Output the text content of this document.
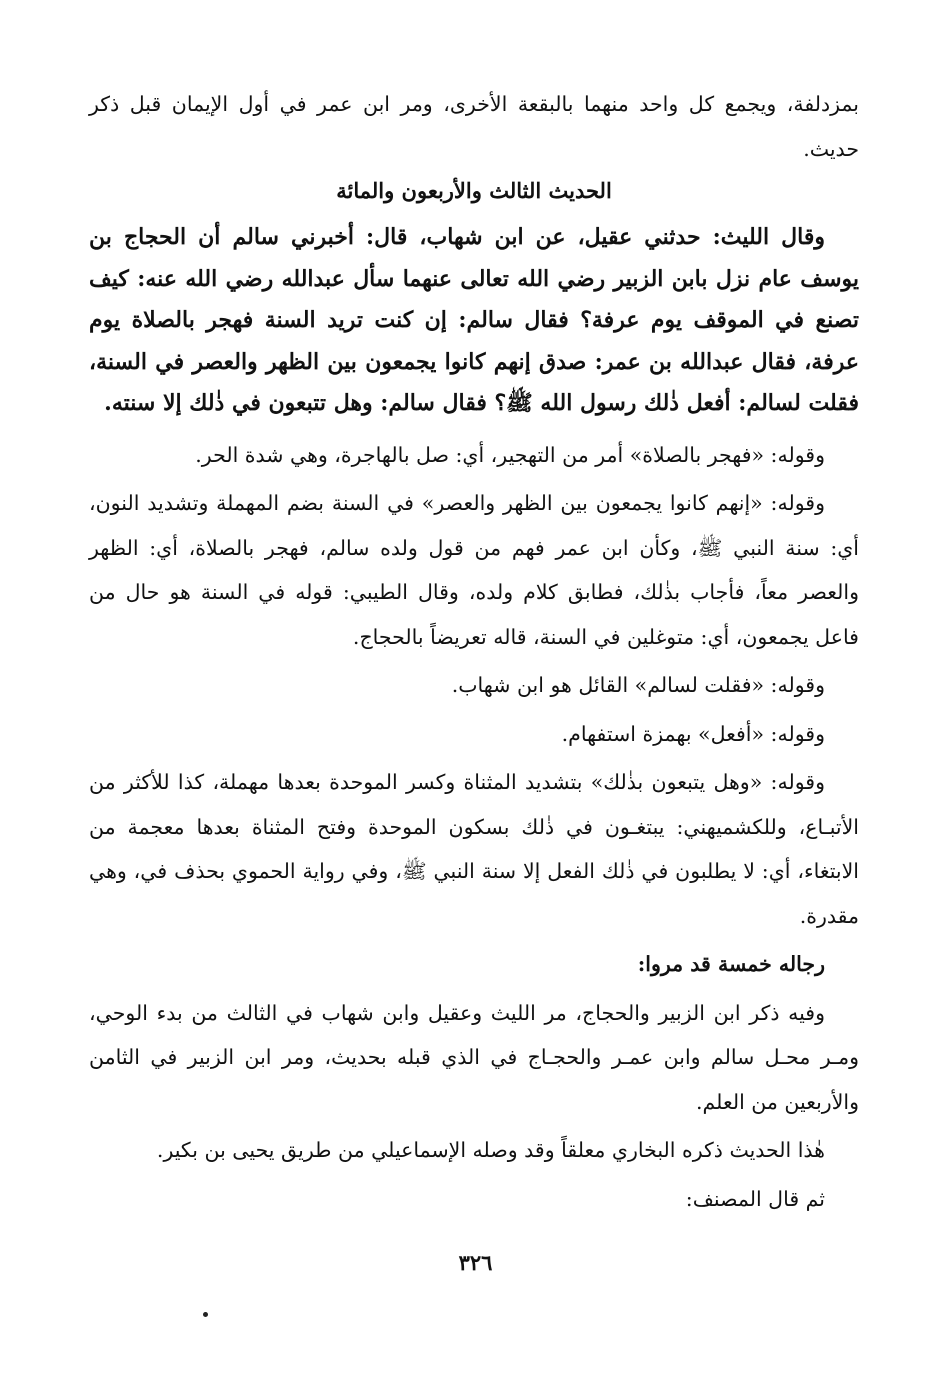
بمزدلفة، ويجمع كل واحد منهما بالبقعة الأخرى، ومر ابن عمر في أول الإيمان قبل ذكر حديث.

الحديث الثالث والأربعون والمائة

وقال الليث: حدثني عقيل، عن ابن شهاب، قال: أخبرني سالم أن الحجاج بن يوسف عام نزل بابن الزبير رضي الله تعالى عنهما سأل عبدالله رضي الله عنه: كيف تصنع في الموقف يوم عرفة؟ فقال سالم: إن كنت تريد السنة فهجر بالصلاة يوم عرفة، فقال عبدالله بن عمر: صدق إنهم كانوا يجمعون بين الظهر والعصر في السنة، فقلت لسالم: أفعل ذٰلك رسول الله ﷺ؟ فقال سالم: وهل تتبعون في ذٰلك إلا سنته.

وقوله: «فهجر بالصلاة» أمر من التهجير، أي: صل بالهاجرة، وهي شدة الحر.

وقوله: «إنهم كانوا يجمعون بين الظهر والعصر» في السنة بضم المهملة وتشديد النون، أي: سنة النبي ﷺ، وكأن ابن عمر فهم من قول ولده سالم، فهجر بالصلاة، أي: الظهر والعصر معاً، فأجاب بذٰلك، فطابق كلام ولده، وقال الطيبي: قوله في السنة هو حال من فاعل يجمعون، أي: متوغلين في السنة، قاله تعريضاً بالحجاج.

وقوله: «فقلت لسالم» القائل هو ابن شهاب.

وقوله: «أفعل» بهمزة استفهام.

وقوله: «وهل يتبعون بذٰلك» بتشديد المثناة وكسر الموحدة بعدها مهملة، كذا للأكثر من الأتبـاع، وللكشميهني: يبتغـون في ذٰلك بسكون الموحدة وفتح المثناة بعدها معجمة من الابتغاء، أي: لا يطلبون في ذٰلك الفعل إلا سنة النبي ﷺ، وفي رواية الحموي بحذف في، وهي مقدرة.

رجاله خمسة قد مروا:

وفيه ذكر ابن الزبير والحجاج، مر الليث وعقيل وابن شهاب في الثالث من بدء الوحي، ومـر محـل سالم وابن عمـر والحجـاج في الذي قبله بحديث، ومر ابن الزبير في الثامن والأربعين من العلم.

هٰذا الحديث ذكره البخاري معلقاً وقد وصله الإسماعيلي من طريق يحيى بن بكير.

ثم قال المصنف:

٣٢٦
